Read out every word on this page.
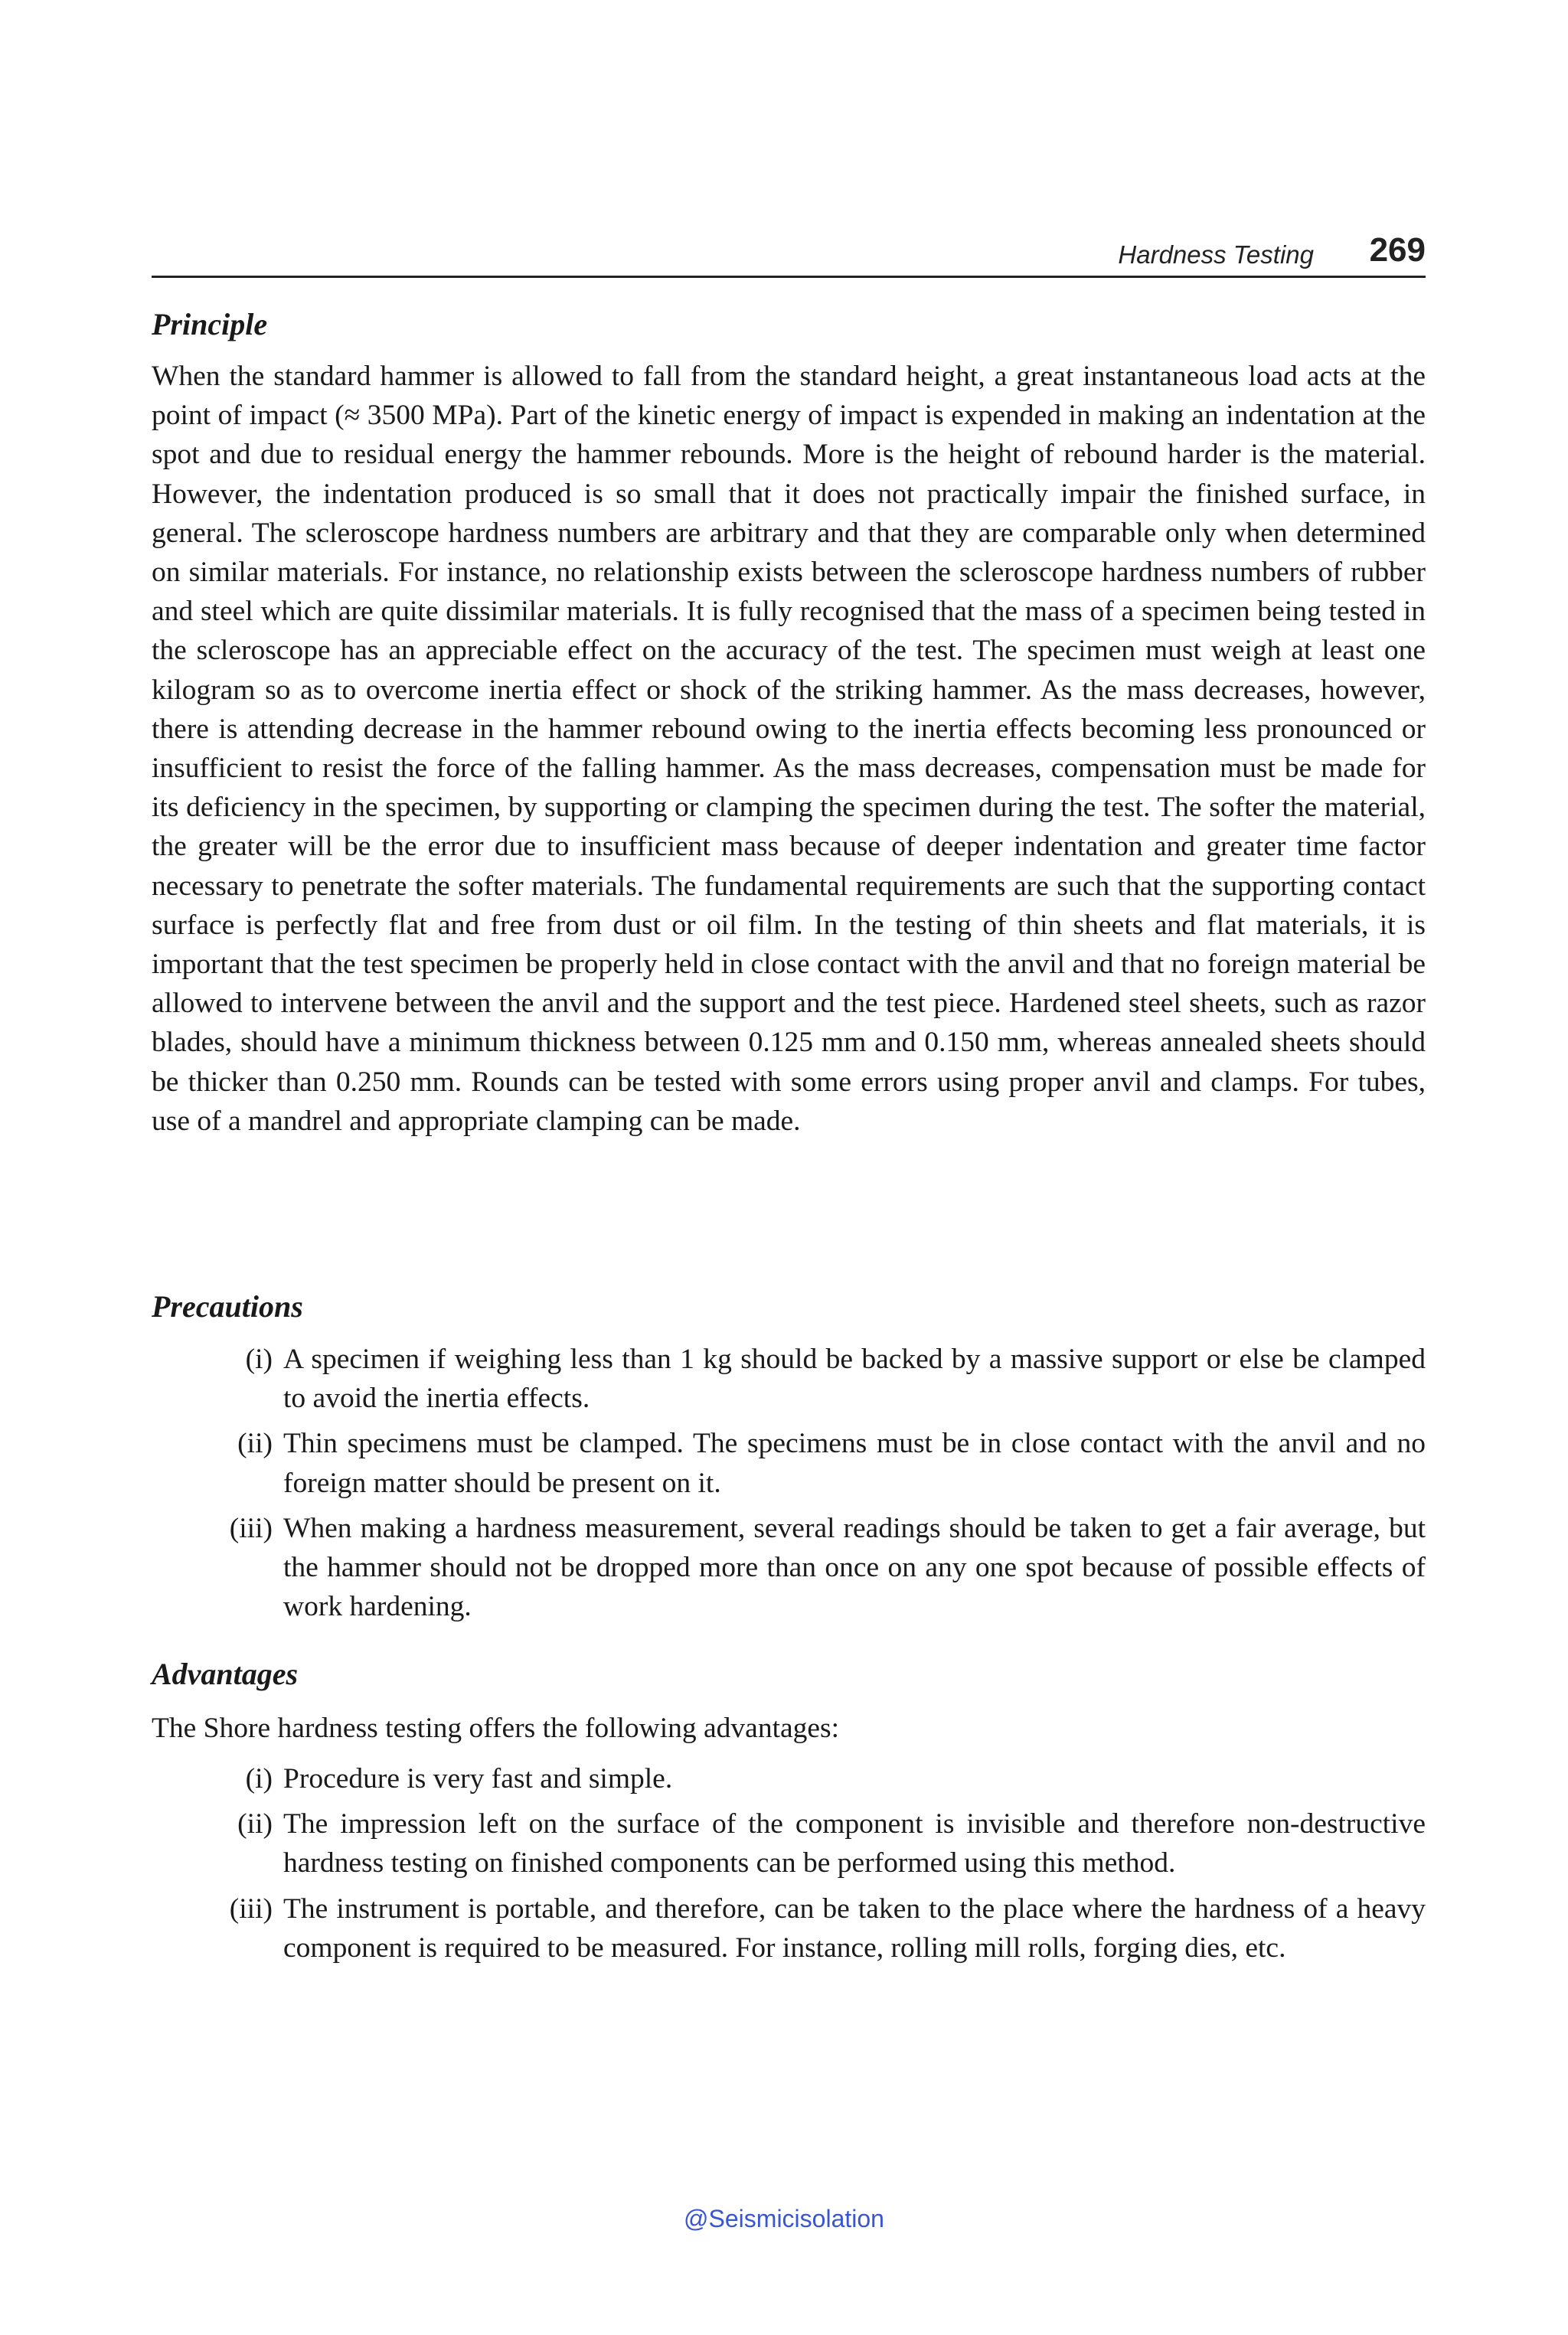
Hardness Testing 269
Principle

When the standard hammer is allowed to fall from the standard height, a great instantaneous load acts at the point of impact (≈ 3500 MPa). Part of the kinetic energy of impact is expended in making an indentation at the spot and due to residual energy the hammer rebounds. More is the height of rebound harder is the material. However, the indentation produced is so small that it does not practically impair the finished surface, in general. The scleroscope hardness numbers are arbitrary and that they are comparable only when determined on similar materials. For instance, no relationship exists between the scleroscope hardness numbers of rubber and steel which are quite dissimilar materials. It is fully recognised that the mass of a specimen being tested in the scleroscope has an appreciable effect on the accuracy of the test. The specimen must weigh at least one kilogram so as to overcome inertia effect or shock of the striking hammer. As the mass decreases, however, there is attending decrease in the hammer rebound owing to the inertia effects becoming less pronounced or insufficient to resist the force of the falling hammer. As the mass decreases, compensation must be made for its deficiency in the specimen, by supporting or clamping the specimen during the test. The softer the material, the greater will be the error due to insufficient mass because of deeper indentation and greater time factor necessary to penetrate the softer materials. The fundamental requirements are such that the supporting contact surface is perfectly flat and free from dust or oil film. In the testing of thin sheets and flat materials, it is important that the test specimen be properly held in close contact with the anvil and that no foreign material be allowed to intervene between the anvil and the support and the test piece. Hardened steel sheets, such as razor blades, should have a minimum thickness between 0.125 mm and 0.150 mm, whereas annealed sheets should be thicker than 0.250 mm. Rounds can be tested with some errors using proper anvil and clamps. For tubes, use of a mandrel and appropriate clamping can be made.

Precautions
(i) A specimen if weighing less than 1 kg should be backed by a massive support or else be clamped to avoid the inertia effects.
(ii) Thin specimens must be clamped. The specimens must be in close contact with the anvil and no foreign matter should be present on it.
(iii) When making a hardness measurement, several readings should be taken to get a fair average, but the hammer should not be dropped more than once on any one spot because of possible effects of work hardening.
Advantages

The Shore hardness testing offers the following advantages:

(i) Procedure is very fast and simple.
(ii) The impression left on the surface of the component is invisible and therefore non-destructive hardness testing on finished components can be performed using this method.
(iii) The instrument is portable, and therefore, can be taken to the place where the hardness of a heavy component is required to be measured. For instance, rolling mill rolls, forging dies, etc.
@Seismicisolation
